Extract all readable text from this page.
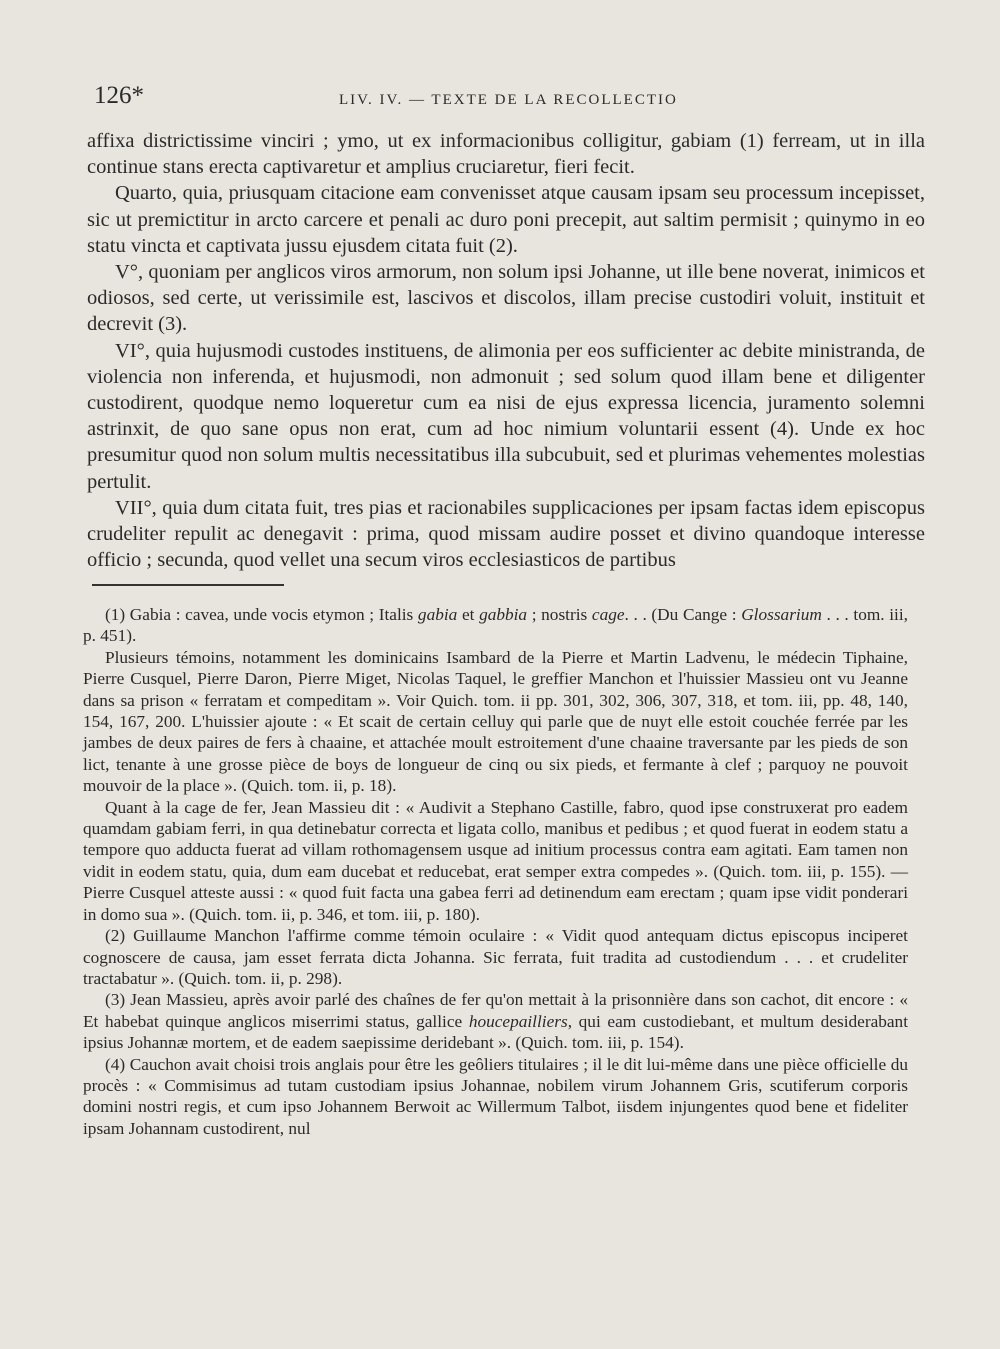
126*	LIV. IV. — TEXTE DE LA RECOLLECTIO

affixa districtissime vinciri ; ymo, ut ex informacionibus colligitur, gabiam (1) ferream, ut in illa continue stans erecta captivaretur et amplius cruciaretur, fieri fecit.

Quarto, quia, priusquam citacione eam convenisset atque causam ipsam seu processum incepisset, sic ut premictitur in arcto carcere et penali ac duro poni precepit, aut saltim permisit ; quinymo in eo statu vincta et captivata jussu ejusdem citata fuit (2).

V°, quoniam per anglicos viros armorum, non solum ipsi Johanne, ut ille bene noverat, inimicos et odiosos, sed certe, ut verissimile est, lascivos et discolos, illam precise custodiri voluit, instituit et decrevit (3).

VI°, quia hujusmodi custodes instituens, de alimonia per eos sufficienter ac debite ministranda, de violencia non inferenda, et hujusmodi, non admonuit ; sed solum quod illam bene et diligenter custodirent, quodque nemo loqueretur cum ea nisi de ejus expressa licencia, juramento solemni astrinxit, de quo sane opus non erat, cum ad hoc nimium voluntarii essent (4). Unde ex hoc presumitur quod non solum multis necessitatibus illa subcubuit, sed et plurimas vehementes molestias pertulit.

VII°, quia dum citata fuit, tres pias et racionabiles supplicaciones per ipsam factas idem episcopus crudeliter repulit ac denegavit : prima, quod missam audire posset et divino quandoque interesse officio ; secunda, quod vellet una secum viros ecclesiasticos de partibus

(1) Gabia : cavea, unde vocis etymon ; Italis gabia et gabbia ; nostris cage. . . (Du Cange : Glossarium . . . tom. iii, p. 451).

Plusieurs témoins, notamment les dominicains Isambard de la Pierre et Martin Ladvenu, le médecin Tiphaine, Pierre Cusquel, Pierre Daron, Pierre Miget, Nicolas Taquel, le greffier Manchon et l'huissier Massieu ont vu Jeanne dans sa prison « ferratam et compeditam ». Voir Quich. tom. ii pp. 301, 302, 306, 307, 318, et tom. iii, pp. 48, 140, 154, 167, 200. L'huissier ajoute : « Et scait de certain celluy qui parle que de nuyt elle estoit couchée ferrée par les jambes de deux paires de fers à chaaine, et attachée moult estroitement d'une chaaine traversante par les pieds de son lict, tenante à une grosse pièce de boys de longueur de cinq ou six pieds, et fermante à clef ; parquoy ne pouvoit mouvoir de la place ». (Quich. tom. ii, p. 18).

Quant à la cage de fer, Jean Massieu dit : « Audivit a Stephano Castille, fabro, quod ipse construxerat pro eadem quamdam gabiam ferri, in qua detinebatur correcta et ligata collo, manibus et pedibus ; et quod fuerat in eodem statu a tempore quo adducta fuerat ad villam rothomagensem usque ad initium processus contra eam agitati. Eam tamen non vidit in eodem statu, quia, dum eam ducebat et reducebat, erat semper extra compedes ». (Quich. tom. iii, p. 155). — Pierre Cusquel atteste aussi : « quod fuit facta una gabea ferri ad detinendum eam erectam ; quam ipse vidit ponderari in domo sua ». (Quich. tom. ii, p. 346, et tom. iii, p. 180).

(2) Guillaume Manchon l'affirme comme témoin oculaire : « Vidit quod antequam dictus episcopus inciperet cognoscere de causa, jam esset ferrata dicta Johanna. Sic ferrata, fuit tradita ad custodiendum . . . et crudeliter tractabatur ». (Quich. tom. ii, p. 298).

(3) Jean Massieu, après avoir parlé des chaînes de fer qu'on mettait à la prisonnière dans son cachot, dit encore : « Et habebat quinque anglicos miserrimi status, gallice houcepailliers, qui eam custodiebant, et multum desiderabant ipsius Johannæ mortem, et de eadem saepissime deridebant ». (Quich. tom. iii, p. 154).

(4) Cauchon avait choisi trois anglais pour être les geôliers titulaires ; il le dit lui-même dans une pièce officielle du procès : « Commisimus ad tutam custodiam ipsius Johannae, nobilem virum Johannem Gris, scutiferum corporis domini nostri regis, et cum ipso Johannem Berwoit ac Willermum Talbot, iisdem injungentes quod bene et fideliter ipsam Johannam custodirent, nul
